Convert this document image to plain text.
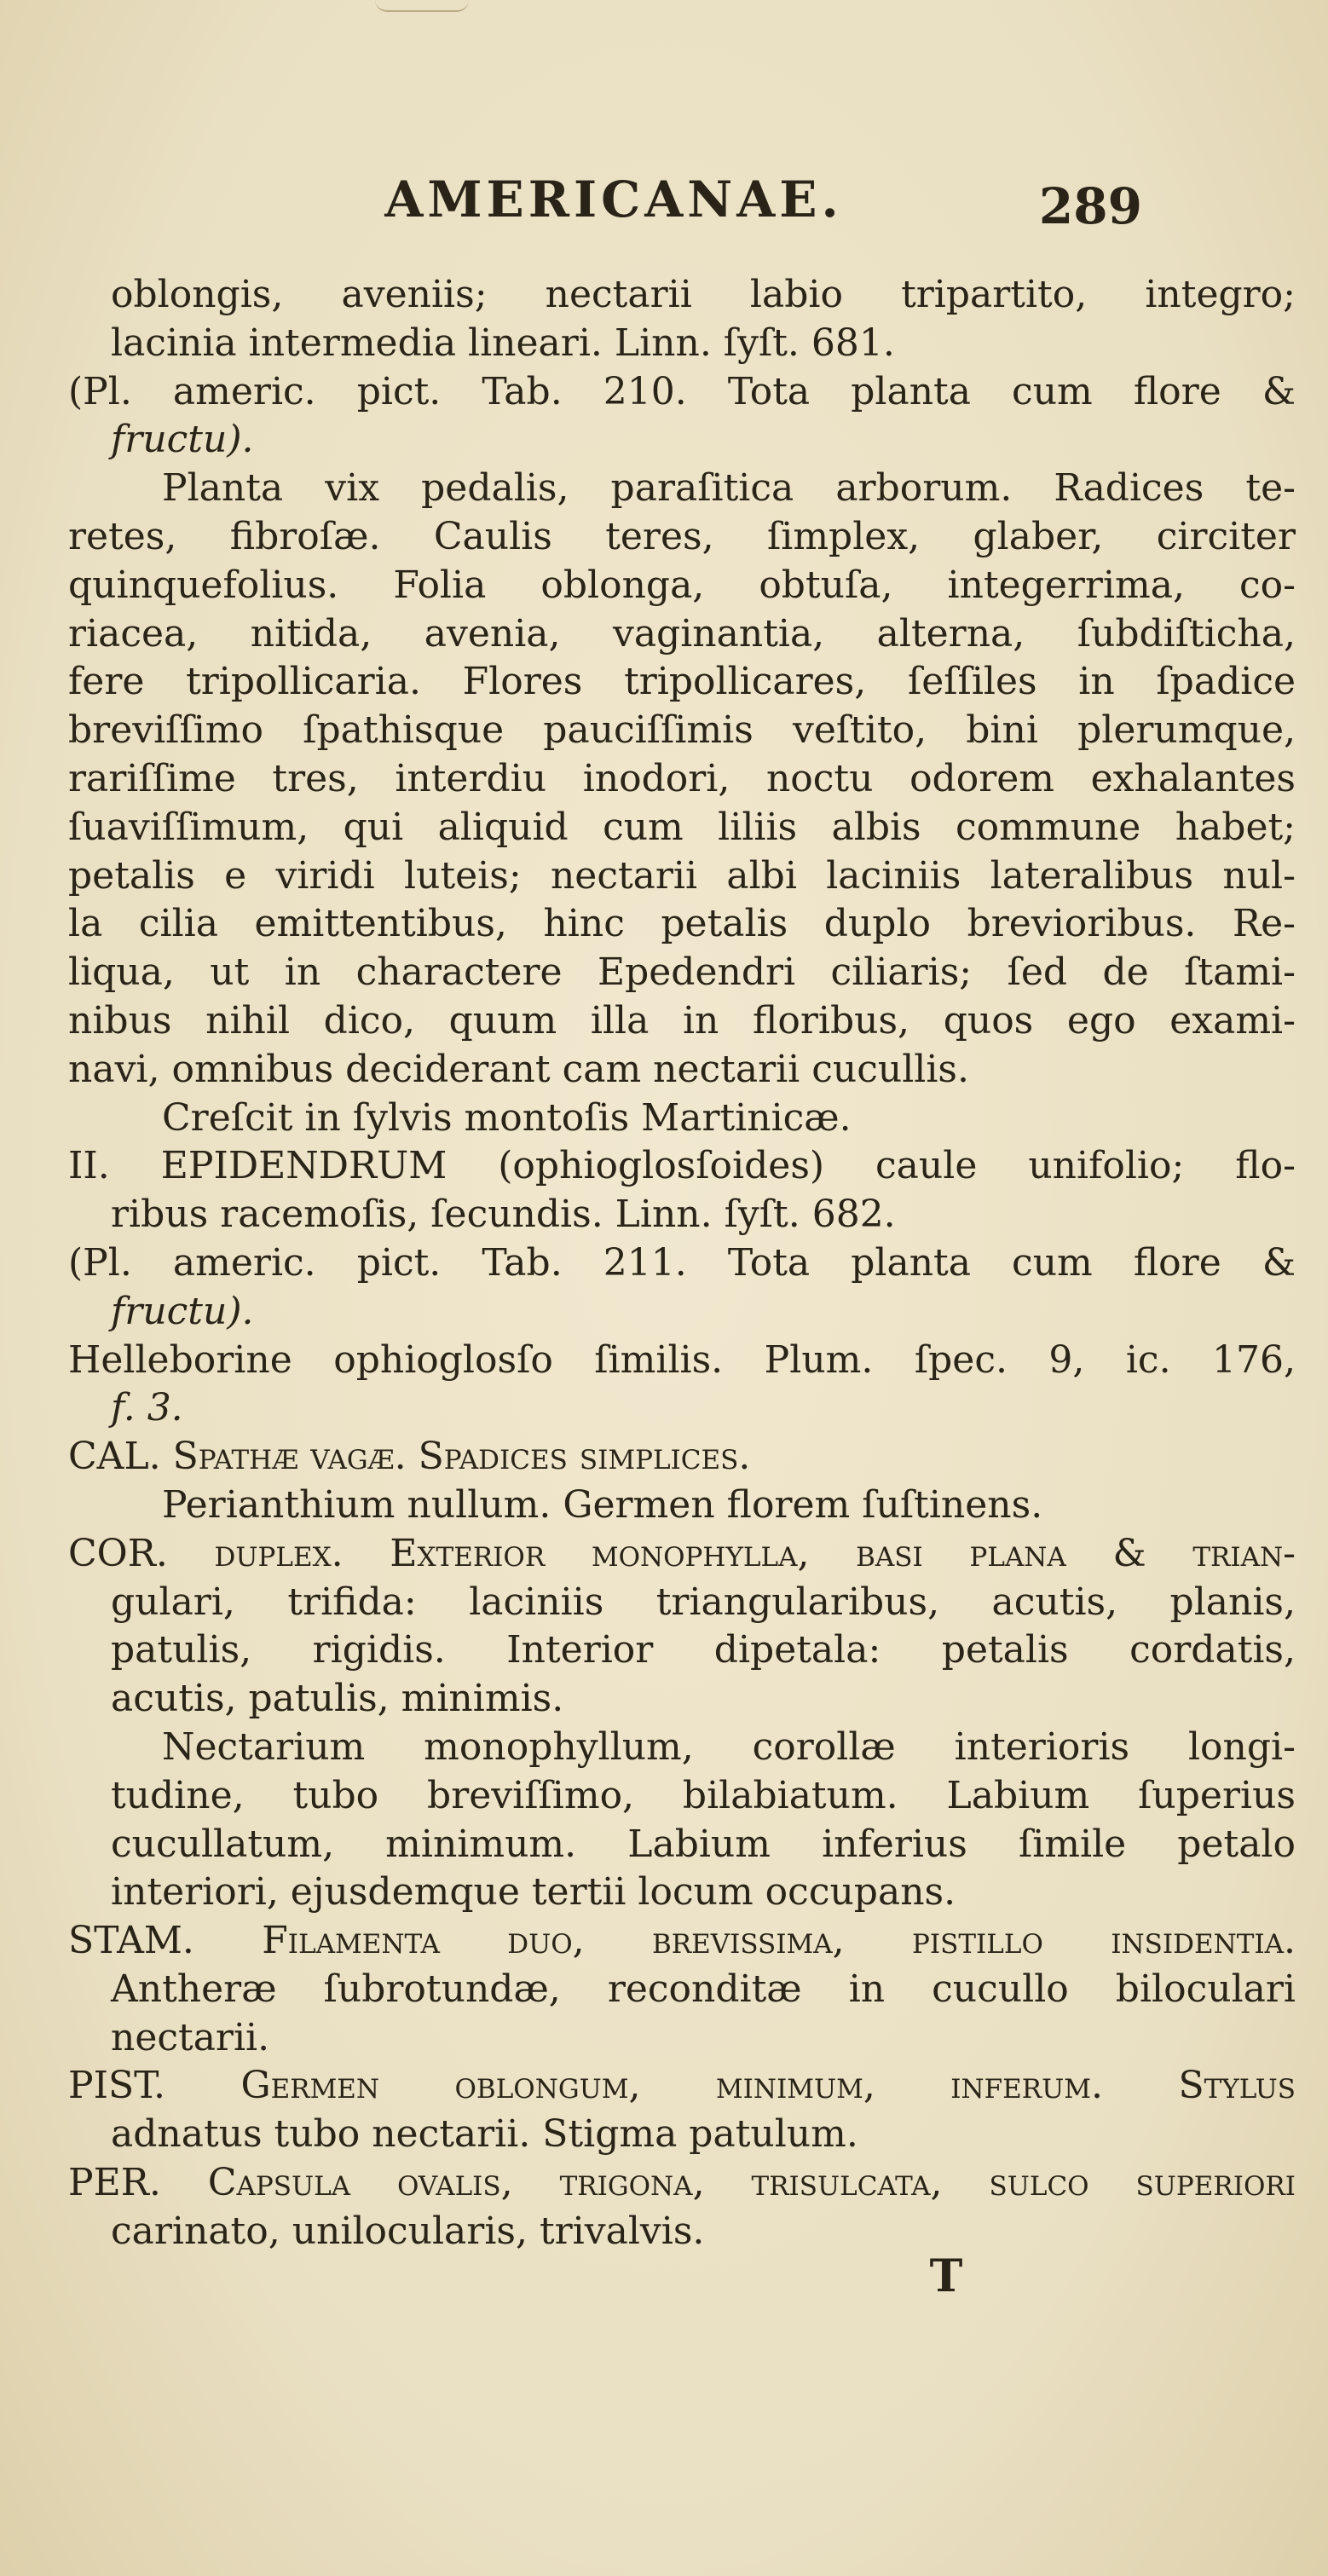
AMERICANAE.	289
oblongis, aveniis; nectarii labio tripartito, integro;
lacinia intermedia lineari. Linn. ſyſt. 681.
(Pl. americ. pict. Tab. 210. Tota planta cum flore &
fructu).
Planta vix pedalis, paraſitica arborum. Radices te-
retes, fibroſæ. Caulis teres, ſimplex, glaber, circiter
quinquefolius. Folia oblonga, obtuſa, integerrima, co-
riacea, nitida, avenia, vaginantia, alterna, ſubdiſticha,
fere tripollicaria. Flores tripollicares, ſeſſiles in ſpadice
breviſſimo ſpathisque pauciſſimis veſtito, bini plerumque,
rariſſime tres, interdiu inodori, noctu odorem exhalantes
ſuaviſſimum, qui aliquid cum liliis albis commune habet;
petalis e viridi luteis; nectarii albi laciniis lateralibus nul-
la cilia emittentibus, hinc petalis duplo brevioribus. Re-
liqua, ut in charactere Epedendri ciliaris; ſed de ſtami-
nibus nihil dico, quum illa in floribus, quos ego exami-
navi, omnibus deciderant cam nectarii cucullis.
Creſcit in ſylvis montoſis Martinicæ.
II. EPIDENDRUM (ophioglosſoides) caule unifolio; flo-
ribus racemoſis, ſecundis. Linn. ſyſt. 682.
(Pl. americ. pict. Tab. 211. Tota planta cum flore &
fructu).
Helleborine ophioglosſo ſimilis. Plum. ſpec. 9, ic. 176,
f. 3.
CAL. Spathæ vagæ. Spadices ſimplices.
Perianthium nullum. Germen florem ſuſtinens.
COR. duplex. Exterior monophylla, baſi plana & trian-
gulari, trifida: laciniis triangularibus, acutis, planis,
patulis, rigidis. Interior dipetala: petalis cordatis,
acutis, patulis, minimis.
Nectarium monophyllum, corollæ interioris longi-
tudine, tubo breviſſimo, bilabiatum. Labium ſuperius
cucullatum, minimum. Labium inferius ſimile petalo
interiori, ejusdemque tertii locum occupans.
STAM. Filamenta duo, breviſſima, piſtillo inſidentia.
Antheræ ſubrotundæ, reconditæ in cucullo biloculari
nectarii.
PIST. Germen oblongum, minimum, inferum. Stylus
adnatus tubo nectarii. Stigma patulum.
PER. Capſula ovalis, trigona, triſulcata, ſulco ſuperiori
carinato, unilocularis, trivalvis.
T
